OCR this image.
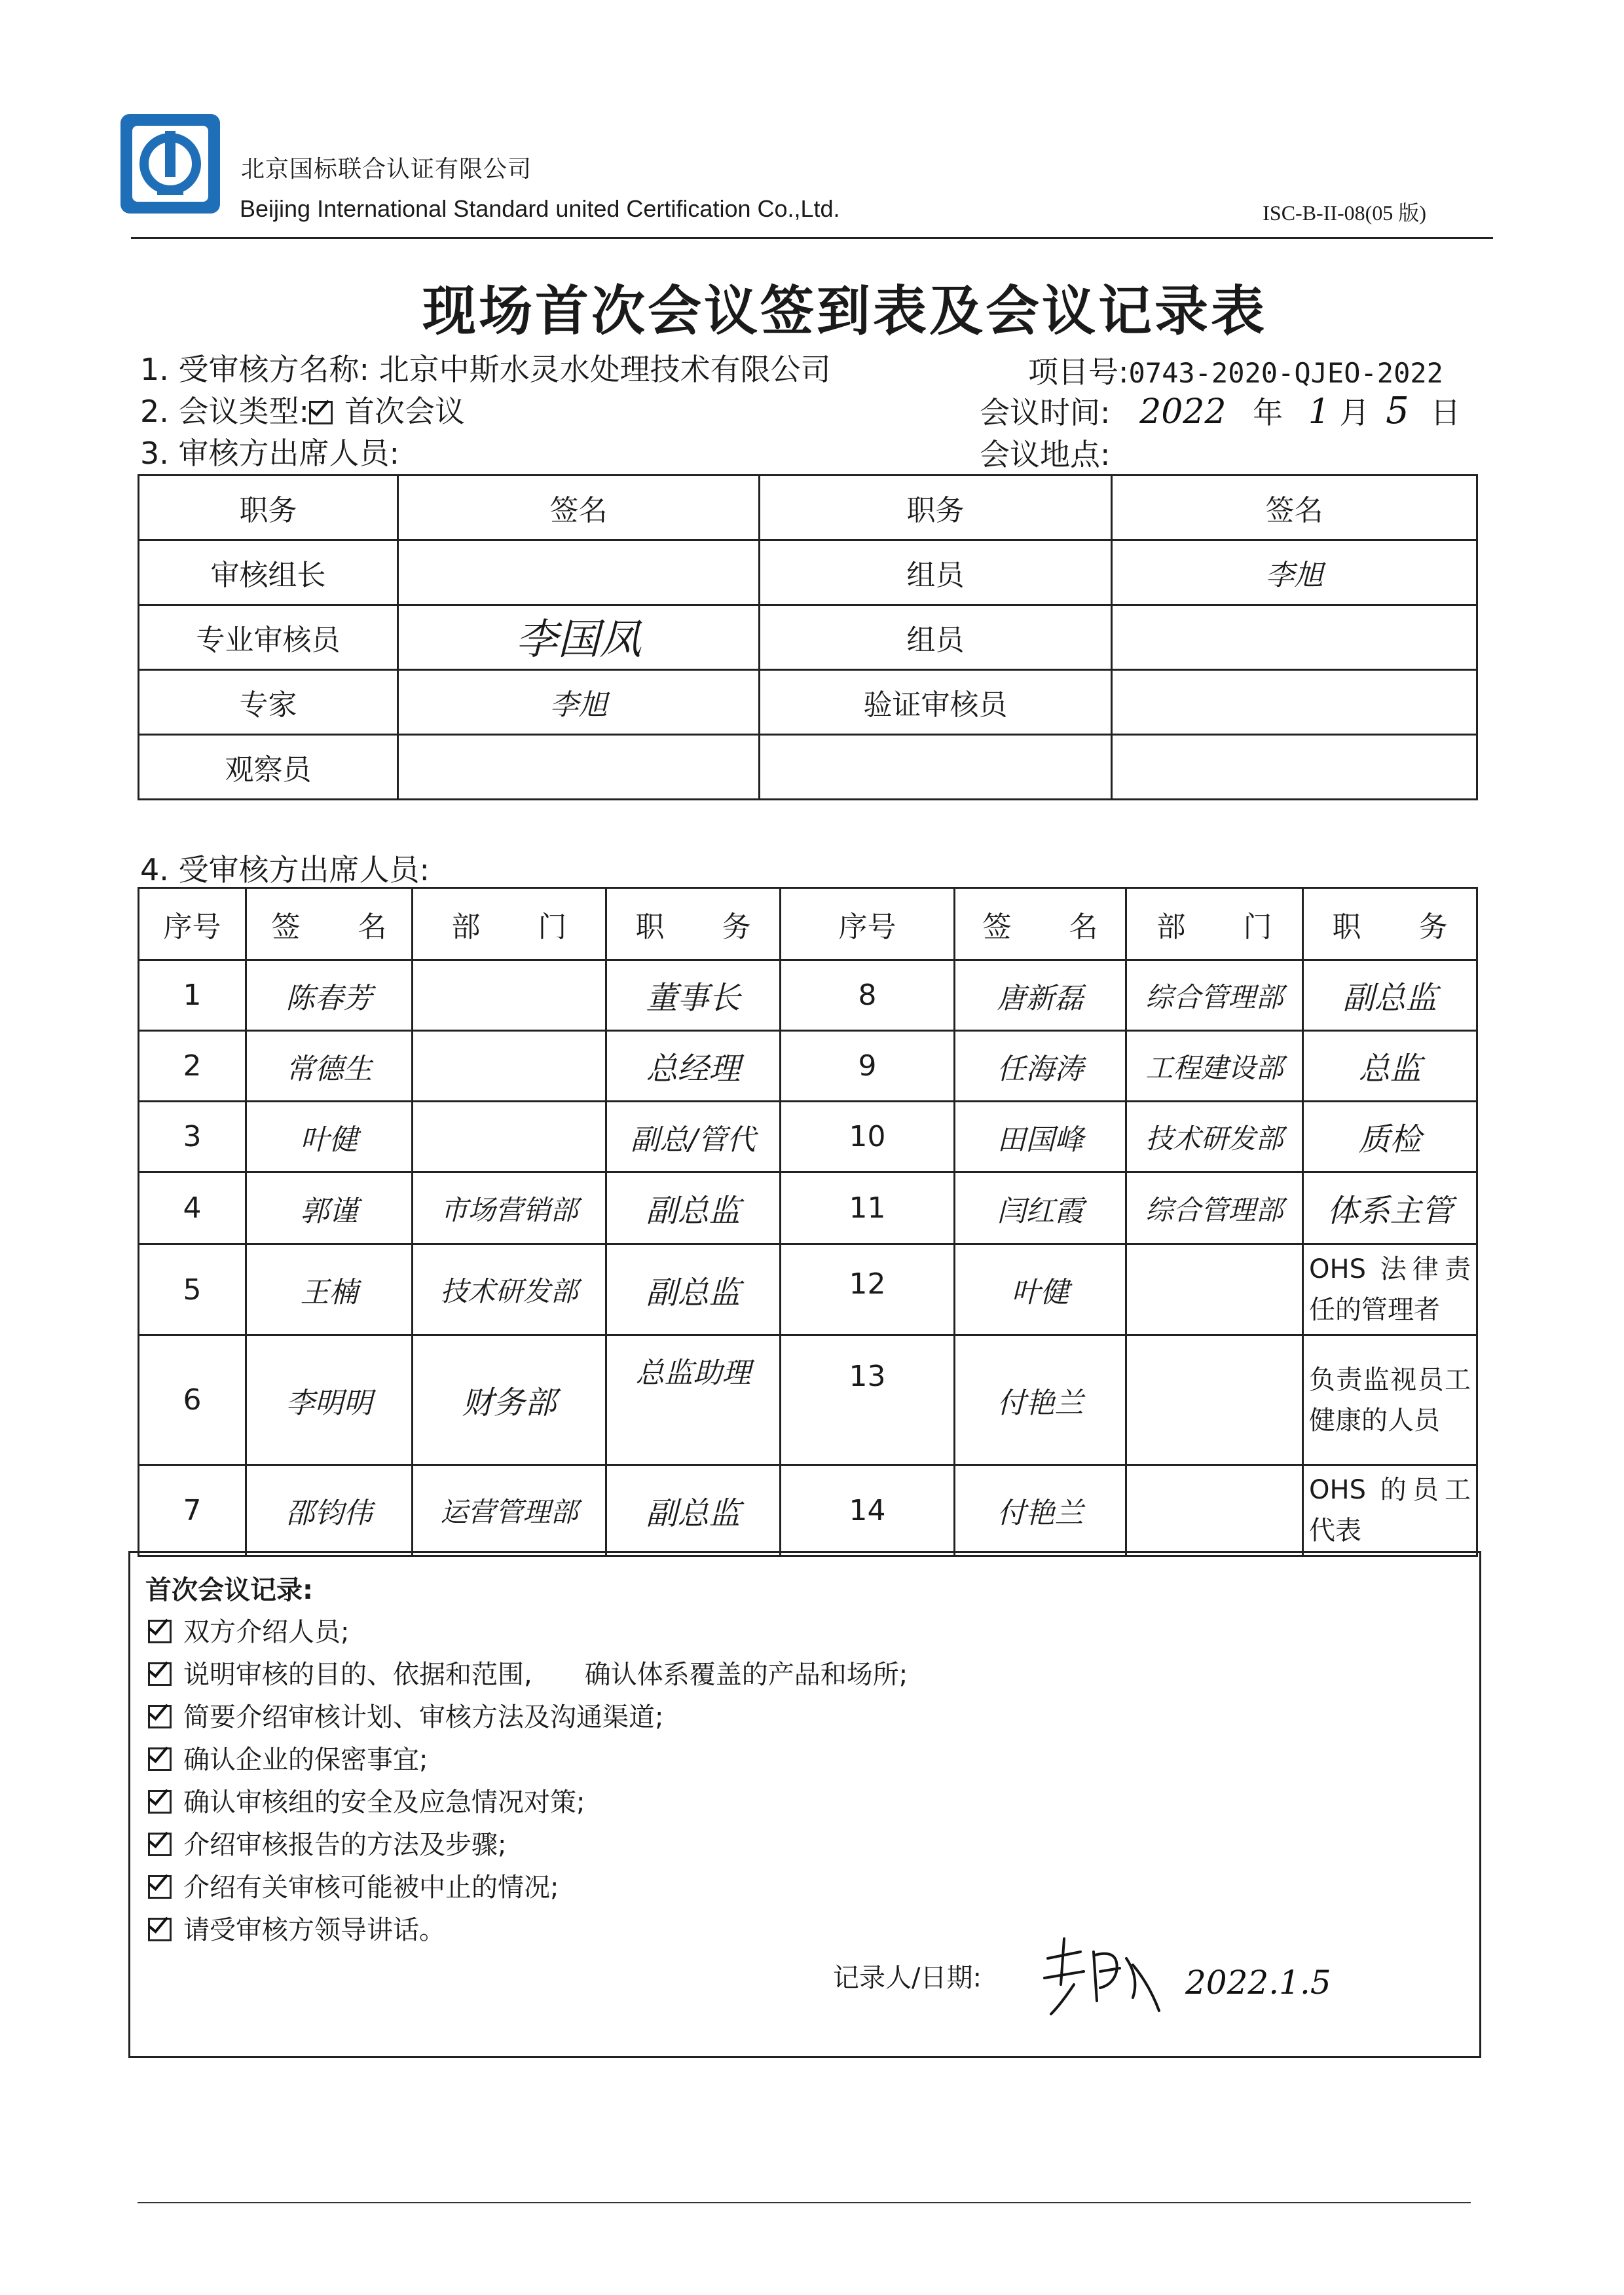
北京国标联合认证有限公司
Beijing International Standard united Certification Co.,Ltd.	ISC-B-II-08(05 版)
现场首次会议签到表及会议记录表
1. 受审核方名称: 北京中斯水灵水处理技术有限公司	项目号:0743-2020-QJEO-2022
2. 会议类型: 首次会议	会议时间: 2022 年 1 月 5 日
3. 审核方出席人员:	会议地点:
职务	签名	职务	签名
审核组长		组员	李旭
专业审核员	李国凤	组员	
专家	李旭	验证审核员	
观察员			
4. 受审核方出席人员:
序号	签　　名	部　　门	职　　务	序号	签　　名	部　　门	职　　务
1	陈春芳		董事长	8	唐新磊	综合管理部	副总监
2	常德生		总经理	9	任海涛	工程建设部	总监
3	叶健		副总/管代	10	田国峰	技术研发部	质检
4	郭谨	市场营销部	副总监	11	闫红霞	综合管理部	体系主管
5	王楠	技术研发部	副总监	12	叶健		OHS 法律责任的管理者
6	李明明	财务部	总监助理	13	付艳兰		负责监视员工健康的人员
7	邵钧伟	运营管理部	副总监	14	付艳兰		OHS 的员工代表
首次会议记录:
双方介绍人员;
说明审核的目的、依据和范围,　　确认体系覆盖的产品和场所;
简要介绍审核计划、审核方法及沟通渠道;
确认企业的保密事宜;
确认审核组的安全及应急情况对策;
介绍审核报告的方法及步骤;
介绍有关审核可能被中止的情况;
请受审核方领导讲话。
记录人/日期:	2022.1.5
